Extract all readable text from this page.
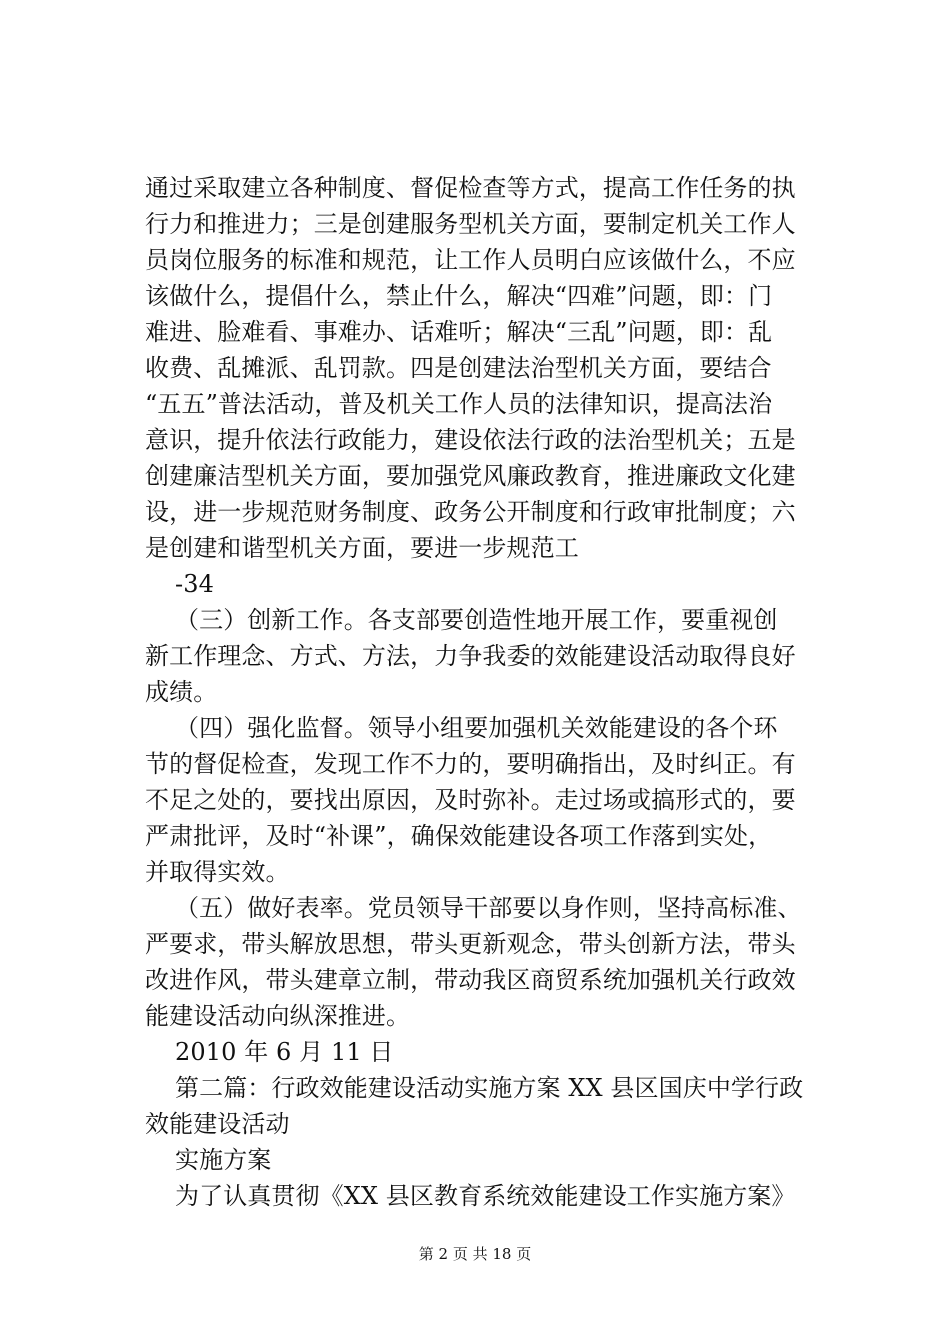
通过采取建立各种制度、督促检查等方式，提高工作任务的执
行力和推进力；三是创建服务型机关方面，要制定机关工作人
员岗位服务的标准和规范，让工作人员明白应该做什么，不应
该做什么，提倡什么，禁止什么，解决“四难”问题，即：门
难进、脸难看、事难办、话难听；解决“三乱”问题，即：乱
收费、乱摊派、乱罚款。四是创建法治型机关方面，要结合
“五五”普法活动，普及机关工作人员的法律知识，提高法治
意识，提升依法行政能力，建设依法行政的法治型机关；五是
创建廉洁型机关方面，要加强党风廉政教育，推进廉政文化建
设，进一步规范财务制度、政务公开制度和行政审批制度；六
是创建和谐型机关方面，要进一步规范工
-34
（三）创新工作。各支部要创造性地开展工作，要重视创
新工作理念、方式、方法，力争我委的效能建设活动取得良好
成绩。
（四）强化监督。领导小组要加强机关效能建设的各个环
节的督促检查，发现工作不力的，要明确指出，及时纠正。有
不足之处的，要找出原因，及时弥补。走过场或搞形式的，要
严肃批评，及时“补课”，确保效能建设各项工作落到实处，
并取得实效。
（五）做好表率。党员领导干部要以身作则，坚持高标准、
严要求，带头解放思想，带头更新观念，带头创新方法，带头
改进作风，带头建章立制，带动我区商贸系统加强机关行政效
能建设活动向纵深推进。
2010 年 6 月 11 日
第二篇：行政效能建设活动实施方案 XX 县区国庆中学行政
效能建设活动
实施方案
为了认真贯彻《XX 县区教育系统效能建设工作实施方案》
第 2 页 共 18 页
